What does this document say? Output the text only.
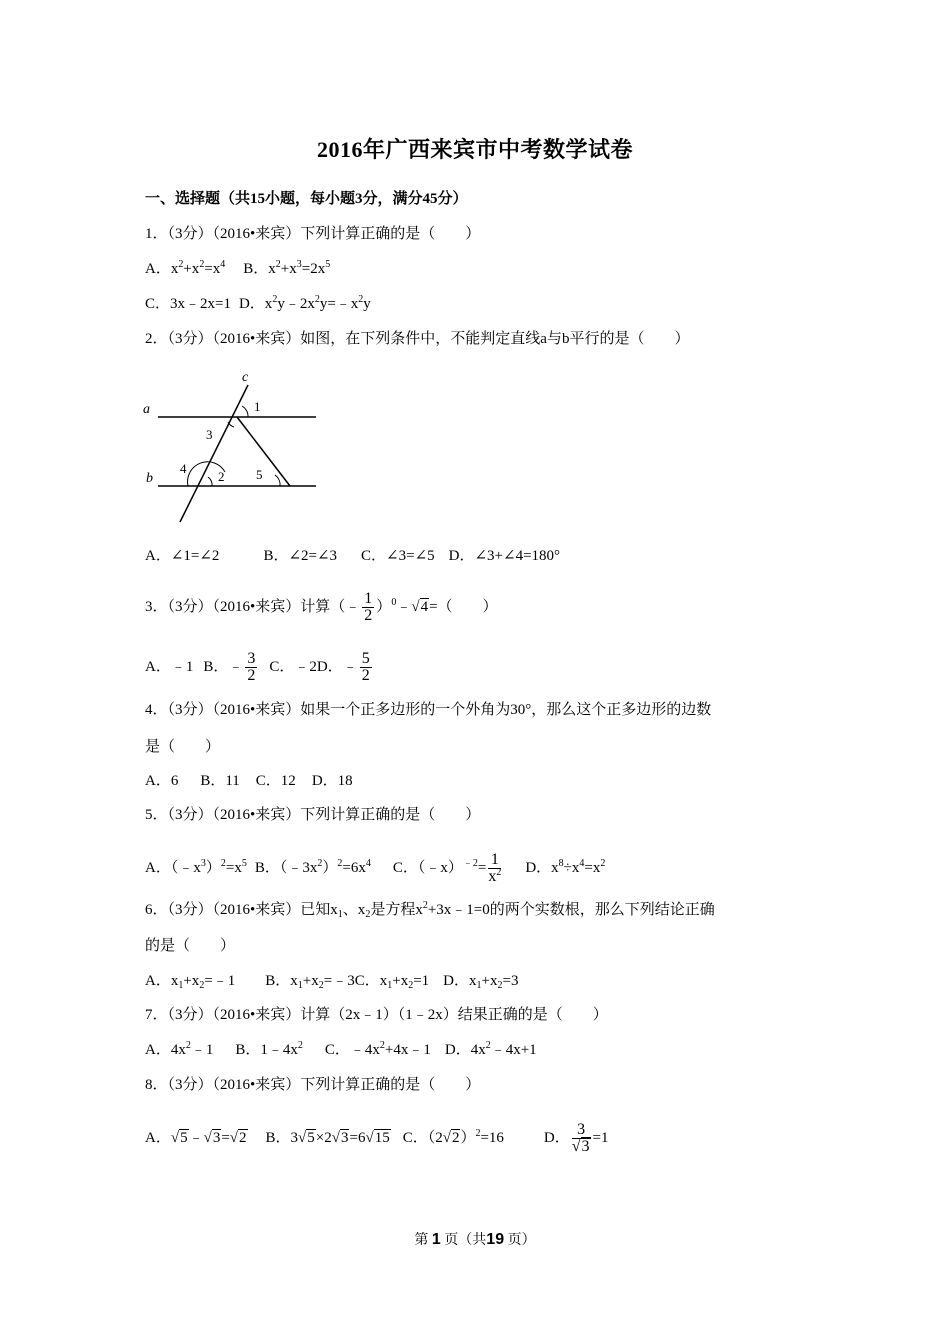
2016年广西来宾市中考数学试卷
一、选择题（共15小题，每小题3分，满分45分）
1．（3分）（2016•来宾）下列计算正确的是（　　）
A．$x^2+x^2=x^4$ B．$x^2+x^3=2x^5$
C．3x﹣2x=1 D．$x^2y﹣2x^2y=﹣x^2y$
2．（3分）（2016•来宾）如图，在下列条件中，不能判定直线a与b平行的是（　　）
c
a	1
3
b
4
2 5
A．∠1=∠2	B．∠2=∠3 C．∠3=∠5 D．∠3+∠4=180°
3．（3分）（2016•来宾）计算（﹣ $\frac{1}{2}$ ）$^0$﹣√4=（　　）
A．﹣1 B．﹣ $\frac{3}{2}$ C．﹣2D．﹣ $\frac{5}{2}$
4．（3分）（2016•来宾）如果一个正多边形的一个外角为30°，那么这个正多边形的边数
是（　　）
A．6 B．11 C．12 D．18
5．（3分）（2016•来宾）下列计算正确的是（　　）
A．$(﹣x^3)^2=x^5$ B．$(﹣3x^2)^2=6x^4$ C．（﹣x）$^{﹣2}$= $\frac{1}{x^2}$ D．$x^8\div x^4=x^2$
6．（3分）（2016•来宾）已知$x_1$、$x_2$是方程$x^2+3x﹣1=0$的两个实数根，那么下列结论正确
的是（　　）
A．$x_1+x_2=﹣1$ B．$x_1+x_2=﹣3C$．$x_1+x_2=1$ D．$x_1+x_2=3$
7．（3分）（2016•来宾）计算（2x﹣1）（1﹣2x）结果正确的是（　　）
A．$4x^2﹣1$ B．$1﹣4x^2$ C．$﹣4x^2+4x﹣1$ D．$4x^2﹣4x+1$
8．（3分）（2016•来宾）下列计算正确的是（　　）
A．√5﹣√3=√2 B．3√5×2√3=6√15 C．$(2√2)^2=16$	D． $\frac{3}{√3} =1$
第 1 页（共19 页）
